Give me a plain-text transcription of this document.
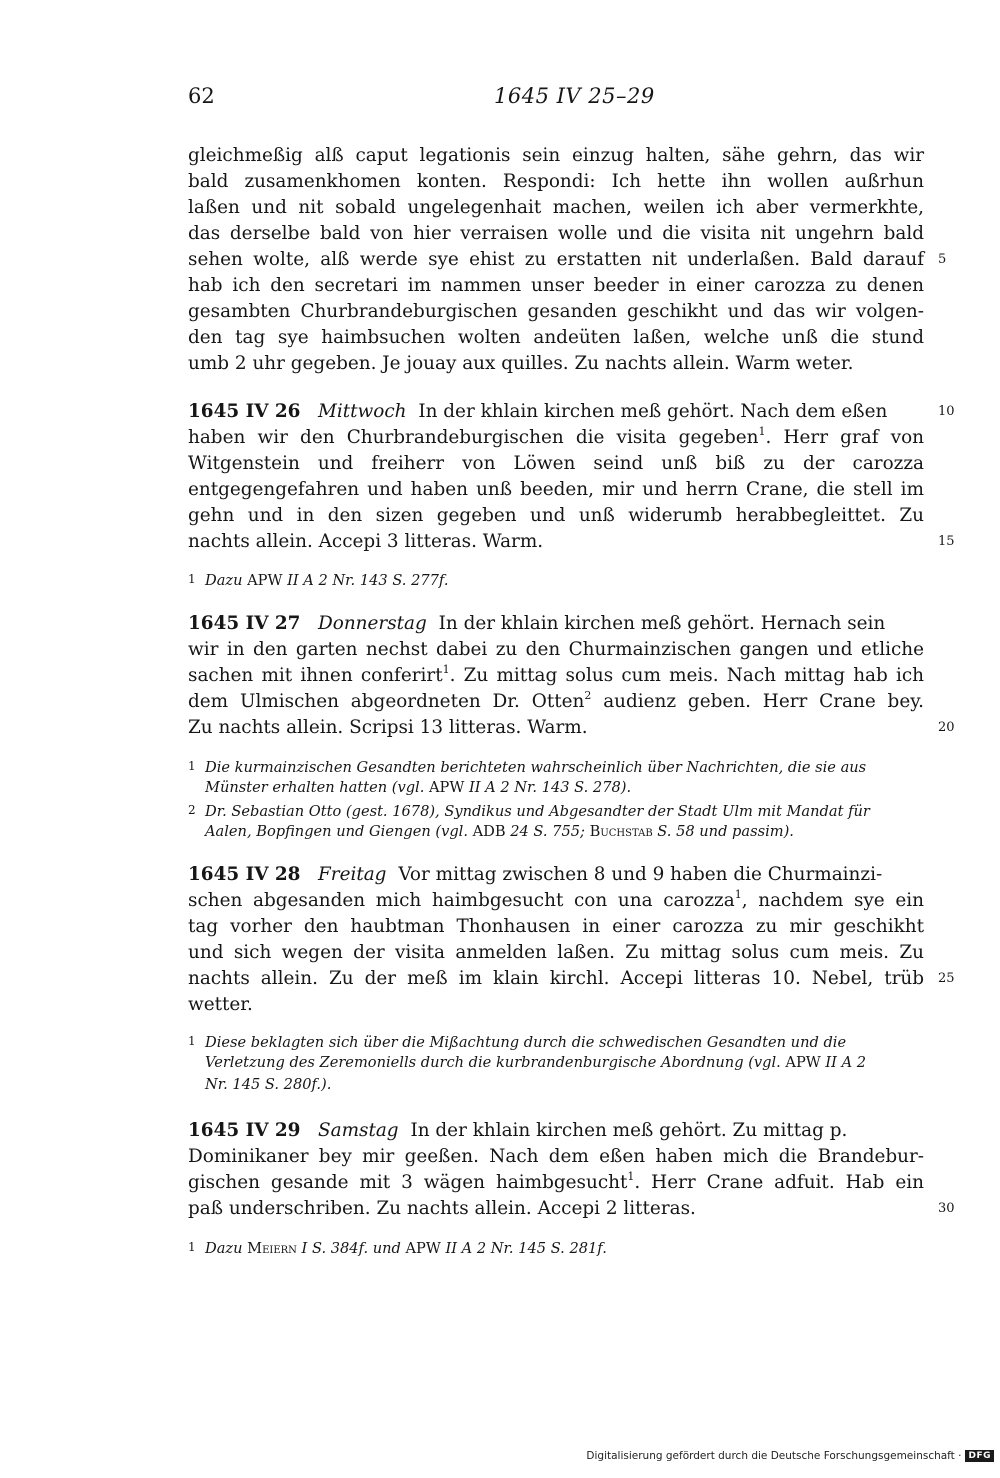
62	1645 IV 25–29
gleichmeßig alß caput legationis sein einzug halten, sähe gehrn, das wir
bald zusamenkhomen konten. Respondi: Ich hette ihn wollen außrhun
laßen und nit sobald ungelegenhait machen, weilen ich aber vermerkhte,
das derselbe bald von hier verraisen wolle und die visita nit ungehrn bald
sehen wolte, alß werde sye ehist zu erstatten nit underlaßen. Bald darauf
hab ich den secretari im nammen unser beeder in einer carozza zu denen
gesambten Churbrandeburgischen gesanden geschikht und das wir volgen-
den tag sye haimbsuchen wolten andeüten laßen, welche unß die stund
umb 2 uhr gegeben. Je jouay aux quilles. Zu nachts allein. Warm weter.
1645 IV 26 Mittwoch In der khlain kirchen meß gehört. Nach dem eßen
haben wir den Churbrandeburgischen die visita gegeben$^1$. Herr graf von
Witgenstein und freiherr von Löwen seind unß biß zu der carozza
entgegengefahren und haben unß beeden, mir und herrn Crane, die stell im
gehn und in den sizen gegeben und unß widerumb herabbegleittet. Zu
nachts allein. Accepi 3 litteras. Warm.
1 Dazu APW II A 2 Nr. 143 S. 277f.
1645 IV 27 Donnerstag In der khlain kirchen meß gehört. Hernach sein
wir in den garten nechst dabei zu den Churmainzischen gangen und etliche
sachen mit ihnen conferirt$^1$. Zu mittag solus cum meis. Nach mittag hab ich
dem Ulmischen abgeordneten Dr. Otten$^2$ audienz geben. Herr Crane bey.
Zu nachts allein. Scripsi 13 litteras. Warm.
1 Die kurmainzischen Gesandten berichteten wahrscheinlich über Nachrichten, die sie aus
Münster erhalten hatten (vgl. APW II A 2 Nr. 143 S. 278).
2 Dr. Sebastian Otto (gest. 1678), Syndikus und Abgesandter der Stadt Ulm mit Mandat für
Aalen, Bopfingen und Giengen (vgl. ADB 24 S. 755; Buchstab S. 58 und passim).
1645 IV 28 Freitag Vor mittag zwischen 8 und 9 haben die Churmainzi-
schen abgesanden mich haimbgesucht con una carozza$^1$, nachdem sye ein
tag vorher den haubtman Thonhausen in einer carozza zu mir geschikht
und sich wegen der visita anmelden laßen. Zu mittag solus cum meis. Zu
nachts allein. Zu der meß im klain kirchl. Accepi litteras 10. Nebel, trüb
wetter.
1 Diese beklagten sich über die Mißachtung durch die schwedischen Gesandten und die
Verletzung des Zeremoniells durch die kurbrandenburgische Abordnung (vgl. APW II A 2
Nr. 145 S. 280f.).
1645 IV 29 Samstag In der khlain kirchen meß gehört. Zu mittag p.
Dominikaner bey mir geeßen. Nach dem eßen haben mich die Brandebur-
gischen gesande mit 3 wägen haimbgesucht$^1$. Herr Crane adfuit. Hab ein
paß underschriben. Zu nachts allein. Accepi 2 litteras.
1 Dazu Meiern I S. 384f. und APW II A 2 Nr. 145 S. 281f.
5
10
15
20
25
30
Digitalisierung gefördert durch die Deutsche Forschungsgemeinschaft · DFG
